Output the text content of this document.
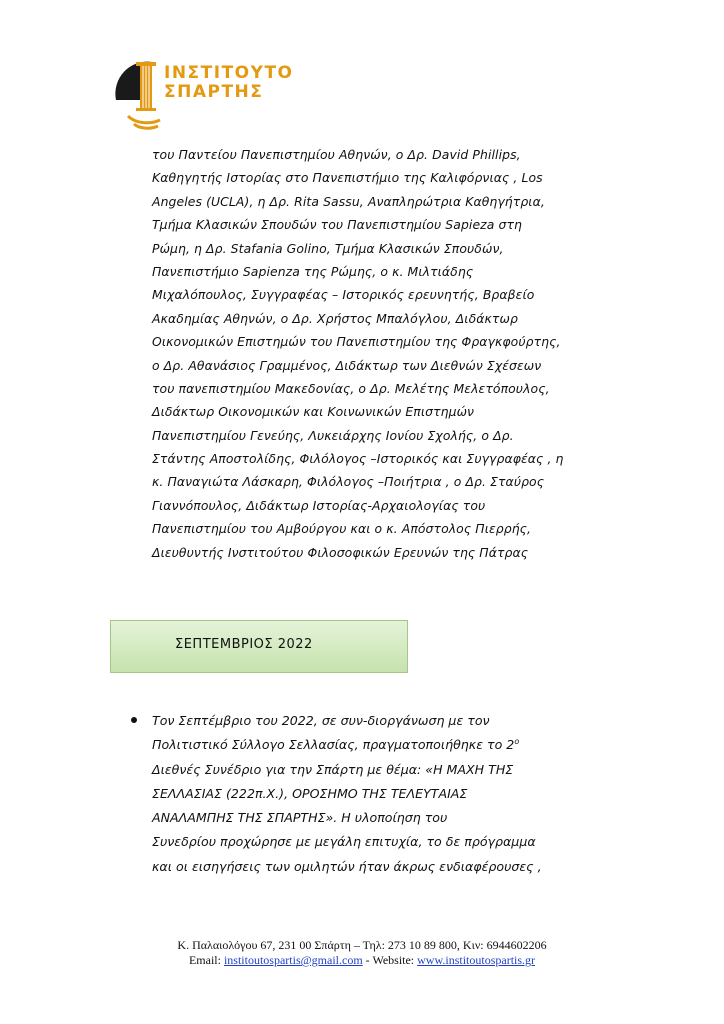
ΙΝΣΤΙΤΟΥΤΟ
ΣΠΑΡΤΗΣ
του Παντείου Πανεπιστημίου Αθηνών, ο Δρ. David Phillips,
Καθηγητής Ιστορίας στο Πανεπιστήμιο της Καλιφόρνιας , Los
Angeles (UCLA), η Δρ. Rita Sassu, Αναπληρώτρια Καθηγήτρια,
Τμήμα Κλασικών Σπουδών του Πανεπιστημίου Sapieza στη
Ρώμη, η Δρ. Stafania Golino, Τμήμα Κλασικών Σπουδών,
Πανεπιστήμιο Sapienza της Ρώμης, ο κ. Μιλτιάδης
Μιχαλόπουλος, Συγγραφέας – Ιστορικός ερευνητής, Βραβείο
Ακαδημίας Αθηνών, ο Δρ. Χρήστος Μπαλόγλου, Διδάκτωρ
Οικονομικών Επιστημών του Πανεπιστημίου της Φραγκφούρτης,
ο Δρ. Αθανάσιος Γραμμένος, Διδάκτωρ των Διεθνών Σχέσεων
του πανεπιστημίου Μακεδονίας, ο Δρ. Μελέτης Μελετόπουλος,
Διδάκτωρ Οικονομικών και Κοινωνικών Επιστημών
Πανεπιστημίου Γενεύης, Λυκειάρχης Ιονίου Σχολής, ο Δρ.
Στάντης Αποστολίδης, Φιλόλογος –Ιστορικός και Συγγραφέας , η
κ. Παναγιώτα Λάσκαρη, Φιλόλογος –Ποιήτρια , ο Δρ. Σταύρος
Γιαννόπουλος, Διδάκτωρ Ιστορίας-Αρχαιολογίας του
Πανεπιστημίου του Αμβούργου και ο κ. Απόστολος Πιερρής,
Διευθυντής Ινστιτούτου Φιλοσοφικών Ερευνών της Πάτρας
ΣΕΠΤΕΜΒΡΙΟΣ 2022
Τον Σεπτέμβριο του 2022, σε συν-διοργάνωση με τον
Πολιτιστικό Σύλλογο Σελλασίας, πραγματοποιήθηκε το $2^o$
Διεθνές Συνέδριο για την Σπάρτη με θέμα: «Η ΜΑΧΗ ΤΗΣ
ΣΕΛΛΑΣΙΑΣ (222π.Χ.), ΟΡΟΣΗΜΟ ΤΗΣ ΤΕΛΕΥΤΑΙΑΣ
ΑΝΑΛΑΜΠΗΣ ΤΗΣ ΣΠΑΡΤΗΣ». Η υλοποίηση του
Συνεδρίου προχώρησε με μεγάλη επιτυχία, το δε πρόγραμμα
και οι εισηγήσεις των ομιλητών ήταν άκρως ενδιαφέρουσες ,
Κ. Παλαιολόγου 67, 231 00 Σπάρτη – Τηλ: 273 10 89 800, Κιν: 6944602206
Email: institoutospartis@gmail.com - Website: www.institoutospartis.gr
